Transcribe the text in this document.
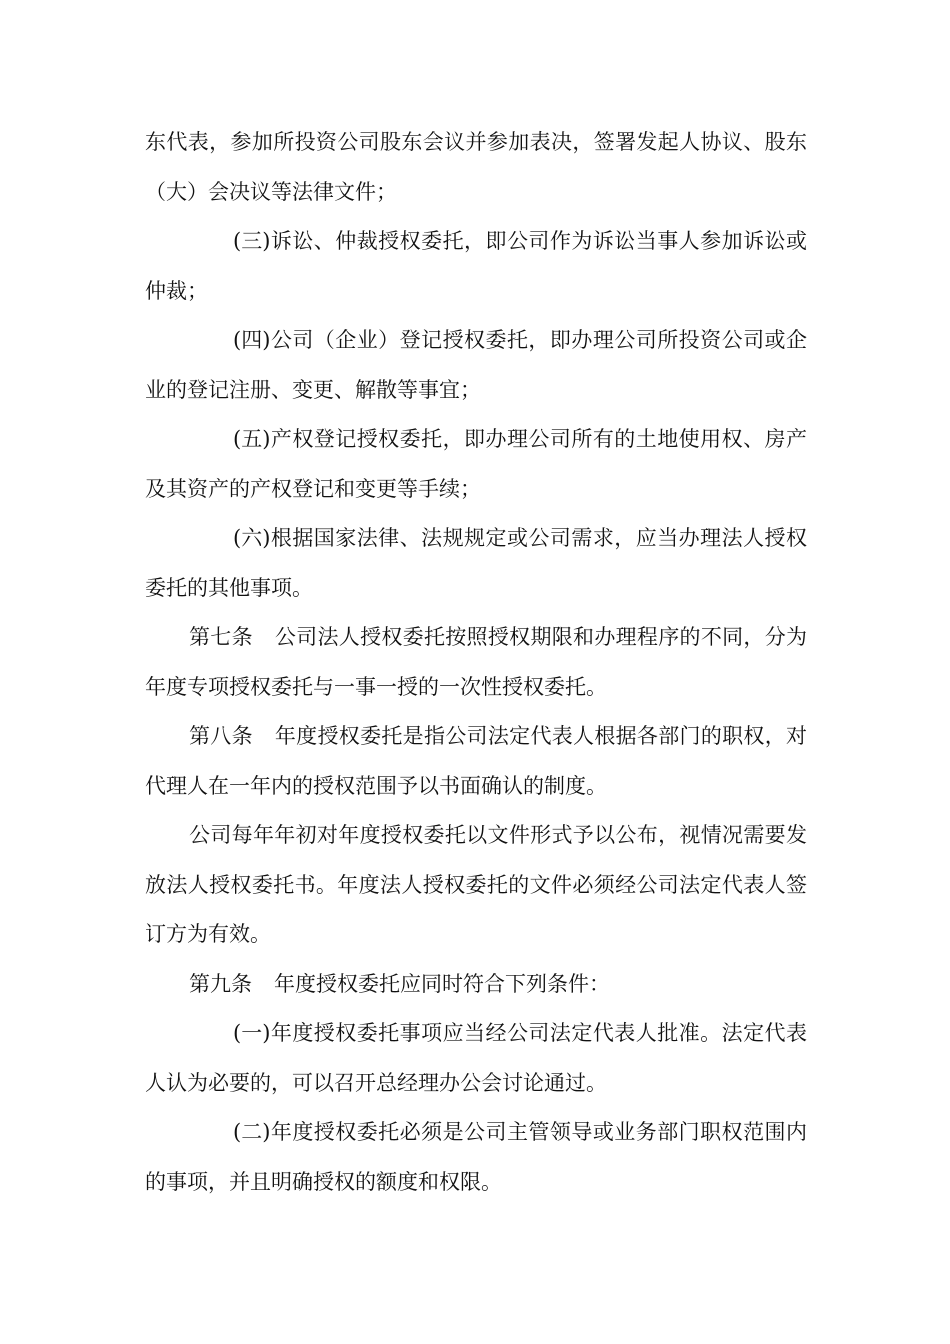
东代表，参加所投资公司股东会议并参加表决，签署发起人协议、股东（大）会决议等法律文件；

(三)诉讼、仲裁授权委托，即公司作为诉讼当事人参加诉讼或仲裁；

(四)公司（企业）登记授权委托，即办理公司所投资公司或企业的登记注册、变更、解散等事宜；

(五)产权登记授权委托，即办理公司所有的土地使用权、房产及其资产的产权登记和变更等手续；

(六)根据国家法律、法规规定或公司需求，应当办理法人授权委托的其他事项。

第七条 公司法人授权委托按照授权期限和办理程序的不同，分为年度专项授权委托与一事一授的一次性授权委托。

第八条 年度授权委托是指公司法定代表人根据各部门的职权，对代理人在一年内的授权范围予以书面确认的制度。

公司每年年初对年度授权委托以文件形式予以公布，视情况需要发放法人授权委托书。年度法人授权委托的文件必须经公司法定代表人签订方为有效。

第九条 年度授权委托应同时符合下列条件：

(一)年度授权委托事项应当经公司法定代表人批准。法定代表人认为必要的，可以召开总经理办公会讨论通过。

(二)年度授权委托必须是公司主管领导或业务部门职权范围内的事项，并且明确授权的额度和权限。
